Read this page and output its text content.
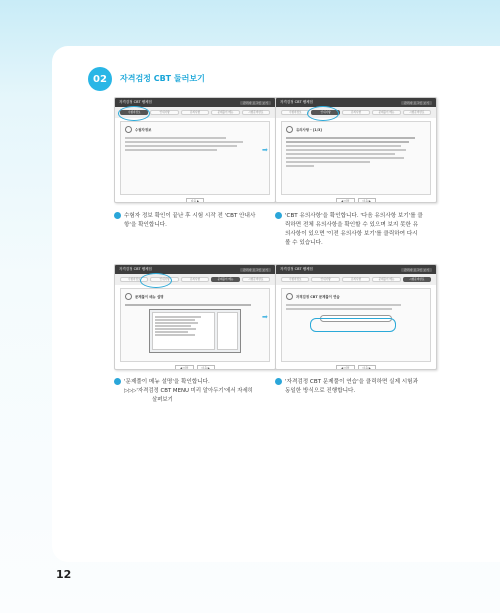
02	자격검정 CBT 둘러보기
자격검정 CBT 웹체험	관리자 로그인 보기
수험자정보	안내사항	유의사항	문제풀이 메뉴	시험준비완료
수험자정보
다음 ▶
➡
자격검정 CBT 웹체험	관리자 로그인 보기
수험자정보	안내사항	유의사항	문제풀이 메뉴	시험준비완료
유의사항 - [1/3]
◀ 이전	다음 ▶
수험자 정보 확인이 끝난 후 시험 시작 전 'CBT 안내사
항'을 확인합니다.
'CBT 유의사항'을 확인합니다. '다음 유의사항 보기'를 클
릭하면 전체 유의사항을 확인할 수 있으며 보지 못한 유
의사항이 있으면 '이전 유의사항 보기'를 클릭하여 다시
볼 수 있습니다.
자격검정 CBT 웹체험	관리자 로그인 보기
수험자정보	안내사항	유의사항	문제풀이 메뉴	시험준비완료
문제풀이 메뉴 설명
◀ 이전	다음 ▶
➡
자격검정 CBT 웹체험	관리자 로그인 보기
수험자정보	안내사항	유의사항	문제풀이 메뉴	시험준비완료
자격검정 CBT 문제풀이 연습
◀ 이전	다음 ▶
'문제풀이 메뉴 설명'을 확인합니다.
▷▷▷'자격검정 CBT MENU 미리 알아두기'에서 자세히
살펴보기
'자격검정 CBT 문제풀이 연습'을 클릭하면 실제 시험과
동일한 방식으로 진행합니다.
12
